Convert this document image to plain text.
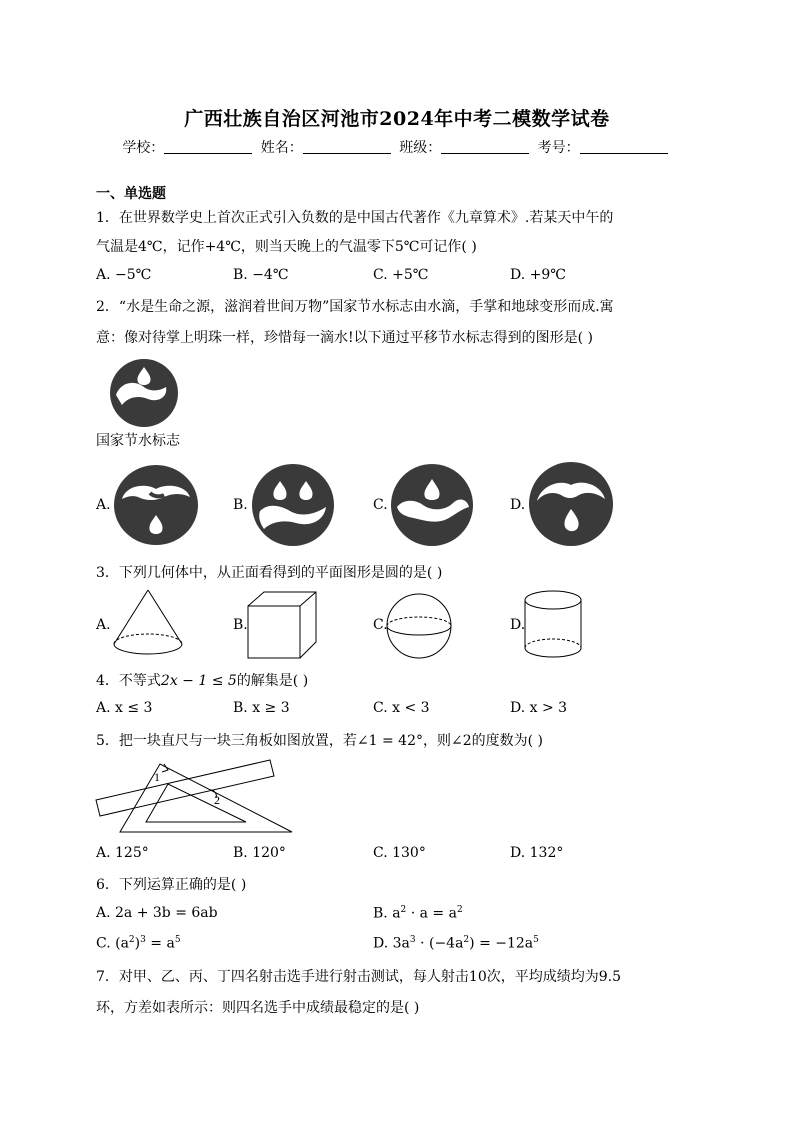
广西壮族自治区河池市2024年中考二模数学试卷
学校：	姓名：	班级：	考号：
一、单选题
1．在世界数学史上首次正式引入负数的是中国古代著作《九章算术》.若某天中午的
气温是4℃，记作+4℃，则当天晚上的气温零下5℃可记作( )
A. −5℃	B. −4℃	C. +5℃	D. +9℃
2．“水是生命之源，滋润着世间万物”国家节水标志由水滴，手掌和地球变形而成.寓
意：像对待掌上明珠一样，珍惜每一滴水!以下通过平移节水标志得到的图形是( )
国家节水标志
A.	B.	C.	D.
3．下列几何体中，从正面看得到的平面图形是圆的是( )
A.	B.	C.	D.
4．不等式2x − 1 ≤ 5的解集是( )
A. x ≤ 3	B. x ≥ 3	C. x < 3	D. x > 3
5．把一块直尺与一块三角板如图放置，若∠1 = 42°，则∠2的度数为( )
1
2
A. 125°	B. 120°	C. 130°	D. 132°
6．下列运算正确的是( )
A. 2a + 3b = 6ab	B. $a^2 \cdot a = a^2$
C. $(a^2)^3 = a^5$	D. $3a^3 \cdot (-4a^2) = -12a^5$
7．对甲、乙、丙、丁四名射击选手进行射击测试，每人射击10次，平均成绩均为9.5
环，方差如表所示：则四名选手中成绩最稳定的是( )
